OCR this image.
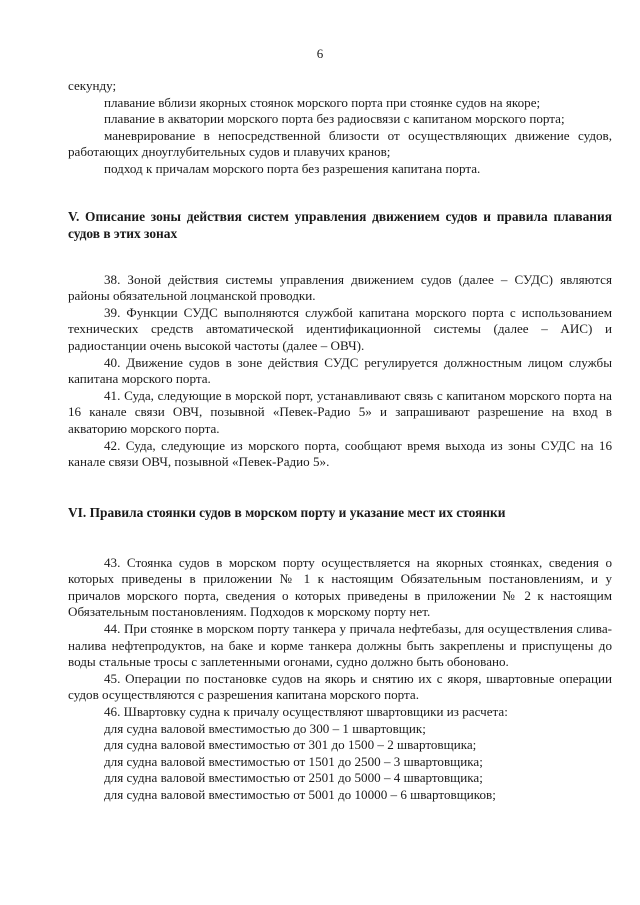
6

секунду;

плавание вблизи якорных стоянок морского порта при стоянке судов на якоре;

плавание в акватории морского порта без радиосвязи с капитаном морского порта;

маневрирование в непосредственной близости от осуществляющих движение судов, работающих дноуглубительных судов и плавучих кранов;

подход к причалам морского порта без разрешения капитана порта.

V. Описание зоны действия систем управления движением судов и правила плавания судов в этих зонах

38. Зоной действия системы управления движением судов (далее – СУДС) являются районы обязательной лоцманской проводки.

39. Функции СУДС выполняются службой капитана морского порта с использованием технических средств автоматической идентификационной системы (далее – АИС) и радиостанции очень высокой частоты (далее – ОВЧ).

40. Движение судов в зоне действия СУДС регулируется должностным лицом службы капитана морского порта.

41. Суда, следующие в морской порт, устанавливают связь с капитаном морского порта на 16 канале связи ОВЧ, позывной «Певек-Радио 5» и запрашивают разрешение на вход в акваторию морского порта.

42. Суда, следующие из морского порта, сообщают время выхода из зоны СУДС на 16 канале связи ОВЧ, позывной «Певек-Радио 5».

VI. Правила стоянки судов в морском порту и указание мест их стоянки

43. Стоянка судов в морском порту осуществляется на якорных стоянках, сведения о которых приведены в приложении № 1 к настоящим Обязательным постановлениям, и у причалов морского порта, сведения о которых приведены в приложении № 2 к настоящим Обязательным постановлениям. Подходов к морскому порту нет.

44. При стоянке в морском порту танкера у причала нефтебазы, для осуществления слива-налива нефтепродуктов, на баке и корме танкера должны быть закреплены и приспущены до воды стальные тросы с заплетенными огонами, судно должно быть обоновано.

45. Операции по постановке судов на якорь и снятию их с якоря, швартовные операции судов осуществляются с разрешения капитана морского порта.

46. Швартовку судна к причалу осуществляют швартовщики из расчета:

для судна валовой вместимостью до 300 – 1 швартовщик;

для судна валовой вместимостью от 301 до 1500 – 2 швартовщика;

для судна валовой вместимостью от 1501 до 2500 – 3 швартовщика;

для судна валовой вместимостью от 2501 до 5000 – 4 швартовщика;

для судна валовой вместимостью от 5001 до 10000 – 6 швартовщиков;
